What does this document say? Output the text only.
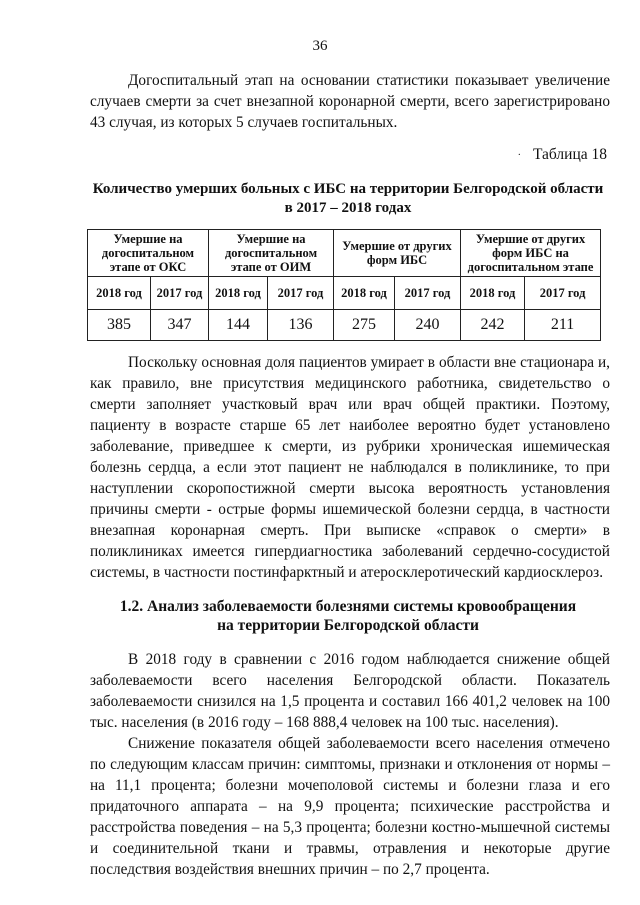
36

Догоспитальный этап на основании статистики показывает увеличение случаев смерти за счет внезапной коронарной смерти, всего зарегистрировано 43 случая, из которых 5 случаев госпитальных.

· Таблица 18
Количество умерших больных с ИБС на территории Белгородской области
в 2017 – 2018 годах
Умершие на догоспитальном этапе от ОКС		Умершие на догоспитальном этапе от ОИМ		Умершие от других форм ИБС		Умершие от других форм ИБС на догоспитальном этапе	
2018 год	2017 год	2018 год	2017 год	2018 год	2017 год	2018 год	2017 год
385	347	144	136	275	240	242	211

Поскольку основная доля пациентов умирает в области вне стационара и, как правило, вне присутствия медицинского работника, свидетельство о смерти заполняет участковый врач или врач общей практики. Поэтому, пациенту в возрасте старше 65 лет наиболее вероятно будет установлено заболевание, приведшее к смерти, из рубрики хроническая ишемическая болезнь сердца, а если этот пациент не наблюдался в поликлинике, то при наступлении скоропостижной смерти высока вероятность установления причины смерти - острые формы ишемической болезни сердца, в частности внезапная коронарная смерть. При выписке «справок о смерти» в поликлиниках имеется гипердиагностика заболеваний сердечно-сосудистой системы, в частности постинфарктный и атеросклеротический кардиосклероз.

1.2. Анализ заболеваемости болезнями системы кровообращения
на территории Белгородской области

В 2018 году в сравнении с 2016 годом наблюдается снижение общей заболеваемости всего населения Белгородской области. Показатель заболеваемости снизился на 1,5 процента и составил 166 401,2 человек на 100 тыс. населения (в 2016 году – 168 888,4 человек на 100 тыс. населения).

Снижение показателя общей заболеваемости всего населения отмечено по следующим классам причин: симптомы, признаки и отклонения от нормы – на 11,1 процента; болезни мочеполовой системы и болезни глаза и его придаточного аппарата – на 9,9 процента; психические расстройства и расстройства поведения – на 5,3 процента; болезни костно-мышечной системы и соединительной ткани и травмы, отравления и некоторые другие последствия воздействия внешних причин – по 2,7 процента.
